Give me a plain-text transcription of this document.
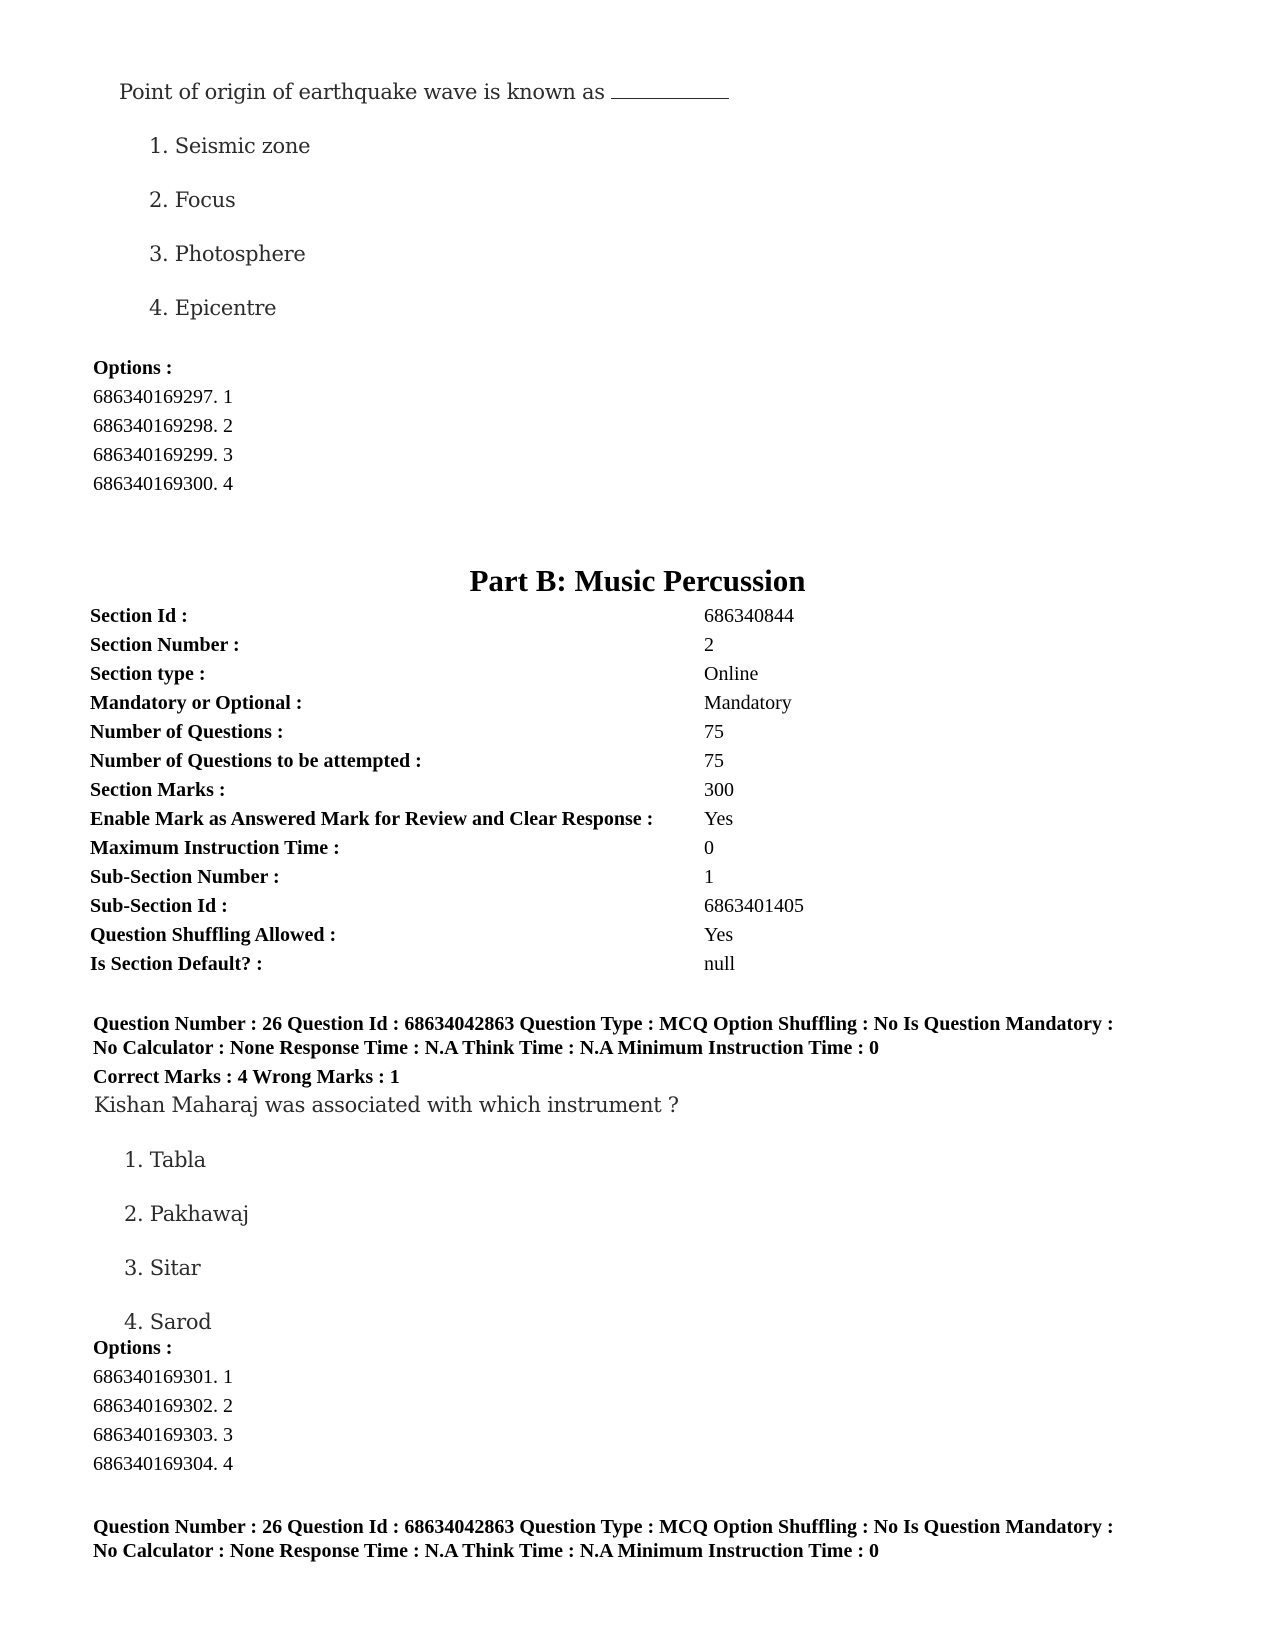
Point of origin of earthquake wave is known as
1. Seismic zone
2. Focus
3. Photosphere
4. Epicentre
Options :
686340169297. 1
686340169298. 2
686340169299. 3
686340169300. 4
Part B: Music Percussion
Section Id :	686340844
Section Number :	2
Section type :	Online
Mandatory or Optional :	Mandatory
Number of Questions :	75
Number of Questions to be attempted :	75
Section Marks :	300
Enable Mark as Answered Mark for Review and Clear Response :	Yes
Maximum Instruction Time :	0
Sub-Section Number :	1
Sub-Section Id :	6863401405
Question Shuffling Allowed :	Yes
Is Section Default? :	null
Question Number : 26 Question Id : 68634042863 Question Type : MCQ Option Shuffling : No Is Question Mandatory :
No Calculator : None Response Time : N.A Think Time : N.A Minimum Instruction Time : 0
Correct Marks : 4 Wrong Marks : 1
Kishan Maharaj was associated with which instrument ?
1. Tabla
2. Pakhawaj
3. Sitar
4. Sarod
Options :
686340169301. 1
686340169302. 2
686340169303. 3
686340169304. 4
Question Number : 26 Question Id : 68634042863 Question Type : MCQ Option Shuffling : No Is Question Mandatory :
No Calculator : None Response Time : N.A Think Time : N.A Minimum Instruction Time : 0
